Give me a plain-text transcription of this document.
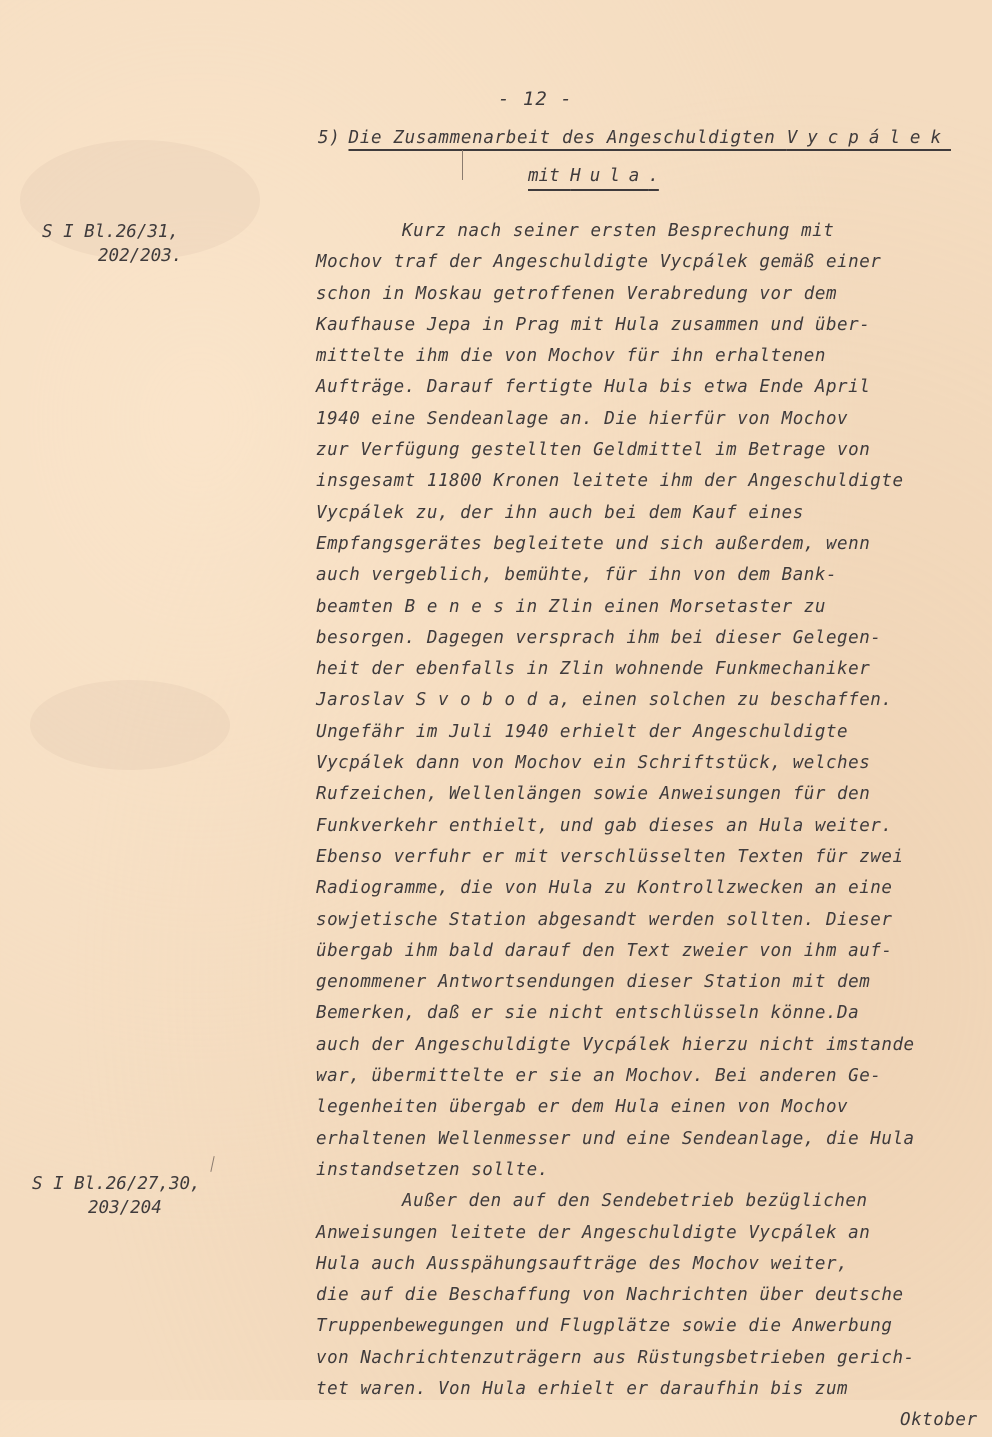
- 12 -
5) Die Zusammenarbeit des Angeschuldigten Vycpálek
mit Hula.
S I Bl.26/31,
202/203.
S I Bl.26/27,30,
203/204
Kurz nach seiner ersten Besprechung mit
Mochov traf der Angeschuldigte Vycpálek gemäß einer
schon in Moskau getroffenen Verabredung vor dem
Kaufhause Jepa in Prag mit Hula zusammen und über-
mittelte ihm die von Mochov für ihn erhaltenen
Aufträge. Darauf fertigte Hula bis etwa Ende April
1940 eine Sendeanlage an. Die hierfür von Mochov
zur Verfügung gestellten Geldmittel im Betrage von
insgesamt 11800 Kronen leitete ihm der Angeschuldigte
Vycpálek zu, der ihn auch bei dem Kauf eines
Empfangsgerätes begleitete und sich außerdem, wenn
auch vergeblich, bemühte, für ihn von dem Bank-
beamten B e n e s in Zlin einen Morsetaster zu
besorgen. Dagegen versprach ihm bei dieser Gelegen-
heit der ebenfalls in Zlin wohnende Funkmechaniker
Jaroslav S v o b o d a, einen solchen zu beschaffen.
Ungefähr im Juli 1940 erhielt der Angeschuldigte
Vycpálek dann von Mochov ein Schriftstück, welches
Rufzeichen, Wellenlängen sowie Anweisungen für den
Funkverkehr enthielt, und gab dieses an Hula weiter.
Ebenso verfuhr er mit verschlüsselten Texten für zwei
Radiogramme, die von Hula zu Kontrollzwecken an eine
sowjetische Station abgesandt werden sollten. Dieser
übergab ihm bald darauf den Text zweier von ihm auf-
genommener Antwortsendungen dieser Station mit dem
Bemerken, daß er sie nicht entschlüsseln könne.Da
auch der Angeschuldigte Vycpálek hierzu nicht imstande
war, übermittelte er sie an Mochov. Bei anderen Ge-
legenheiten übergab er dem Hula einen von Mochov
erhaltenen Wellenmesser und eine Sendeanlage, die Hula
instandsetzen sollte.
Außer den auf den Sendebetrieb bezüglichen
Anweisungen leitete der Angeschuldigte Vycpálek an
Hula auch Ausspähungsaufträge des Mochov weiter,
die auf die Beschaffung von Nachrichten über deutsche
Truppenbewegungen und Flugplätze sowie die Anwerbung
von Nachrichtenzuträgern aus Rüstungsbetrieben gerich-
tet waren. Von Hula erhielt er daraufhin bis zum
Oktober
